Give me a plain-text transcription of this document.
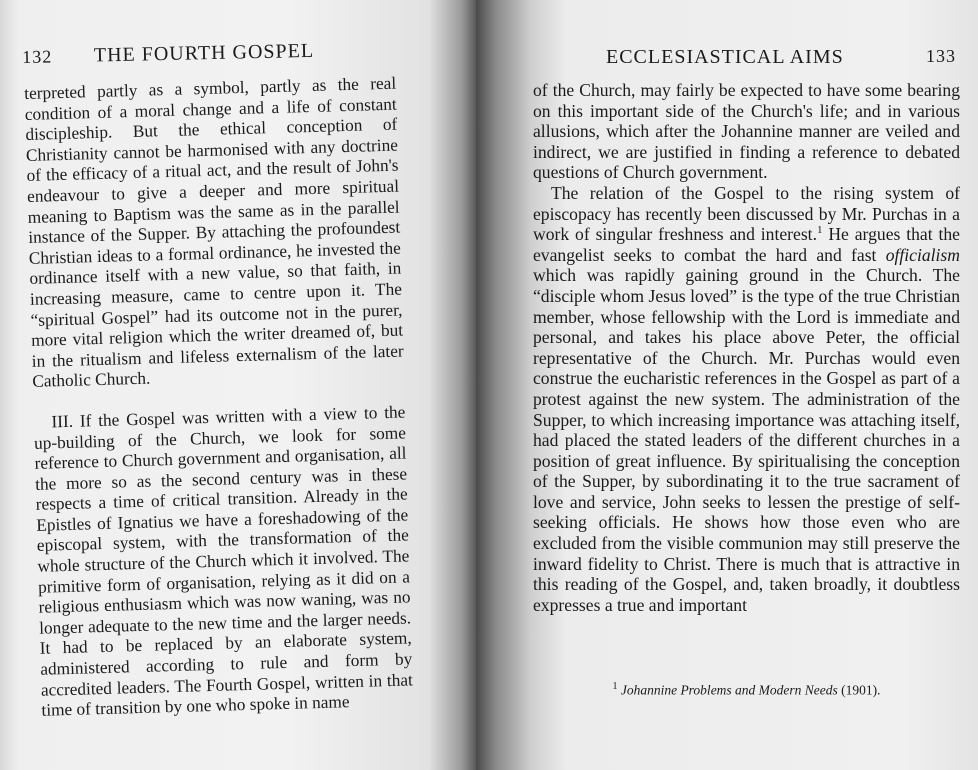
132 THE FOURTH GOSPEL

terpreted partly as a symbol, partly as the real condition of a moral change and a life of constant discipleship. But the ethical conception of Christianity cannot be harmonised with any doctrine of the efficacy of a ritual act, and the result of John's endeavour to give a deeper and more spiritual meaning to Baptism was the same as in the parallel instance of the Supper. By attaching the profoundest Christian ideas to a formal ordinance, he invested the ordinance itself with a new value, so that faith, in increasing measure, came to centre upon it. The “spiritual Gospel” had its outcome not in the purer, more vital religion which the writer dreamed of, but in the ritualism and lifeless externalism of the later Catholic Church.

III. If the Gospel was written with a view to the up-building of the Church, we look for some reference to Church government and organisation, all the more so as the second century was in these respects a time of critical transition. Already in the Epistles of Ignatius we have a foreshadowing of the episcopal system, with the transformation of the whole structure of the Church which it involved. The primitive form of organisation, relying as it did on a religious enthusiasm which was now waning, was no longer adequate to the new time and the larger needs. It had to be replaced by an elaborate system, administered according to rule and form by accredited leaders. The Fourth Gospel, written in that time of transition by one who spoke in name

ECCLESIASTICAL AIMS	133

of the Church, may fairly be expected to have some bearing on this important side of the Church's life; and in various allusions, which after the Johannine manner are veiled and indirect, we are justified in finding a reference to debated questions of Church government.

The relation of the Gospel to the rising system of episcopacy has recently been discussed by Mr. Purchas in a work of singular freshness and interest.$^1$ He argues that the evangelist seeks to combat the hard and fast officialism which was rapidly gaining ground in the Church. The “disciple whom Jesus loved” is the type of the true Christian member, whose fellowship with the Lord is immediate and personal, and takes his place above Peter, the official representative of the Church. Mr. Purchas would even construe the eucharistic references in the Gospel as part of a protest against the new system. The administration of the Supper, to which increasing importance was attaching itself, had placed the stated leaders of the different churches in a position of great influence. By spiritualising the conception of the Supper, by subordinating it to the true sacrament of love and service, John seeks to lessen the prestige of self-seeking officials. He shows how those even who are excluded from the visible communion may still preserve the inward fidelity to Christ. There is much that is attractive in this reading of the Gospel, and, taken broadly, it doubtless expresses a true and important

$^1$ Johannine Problems and Modern Needs (1901).
